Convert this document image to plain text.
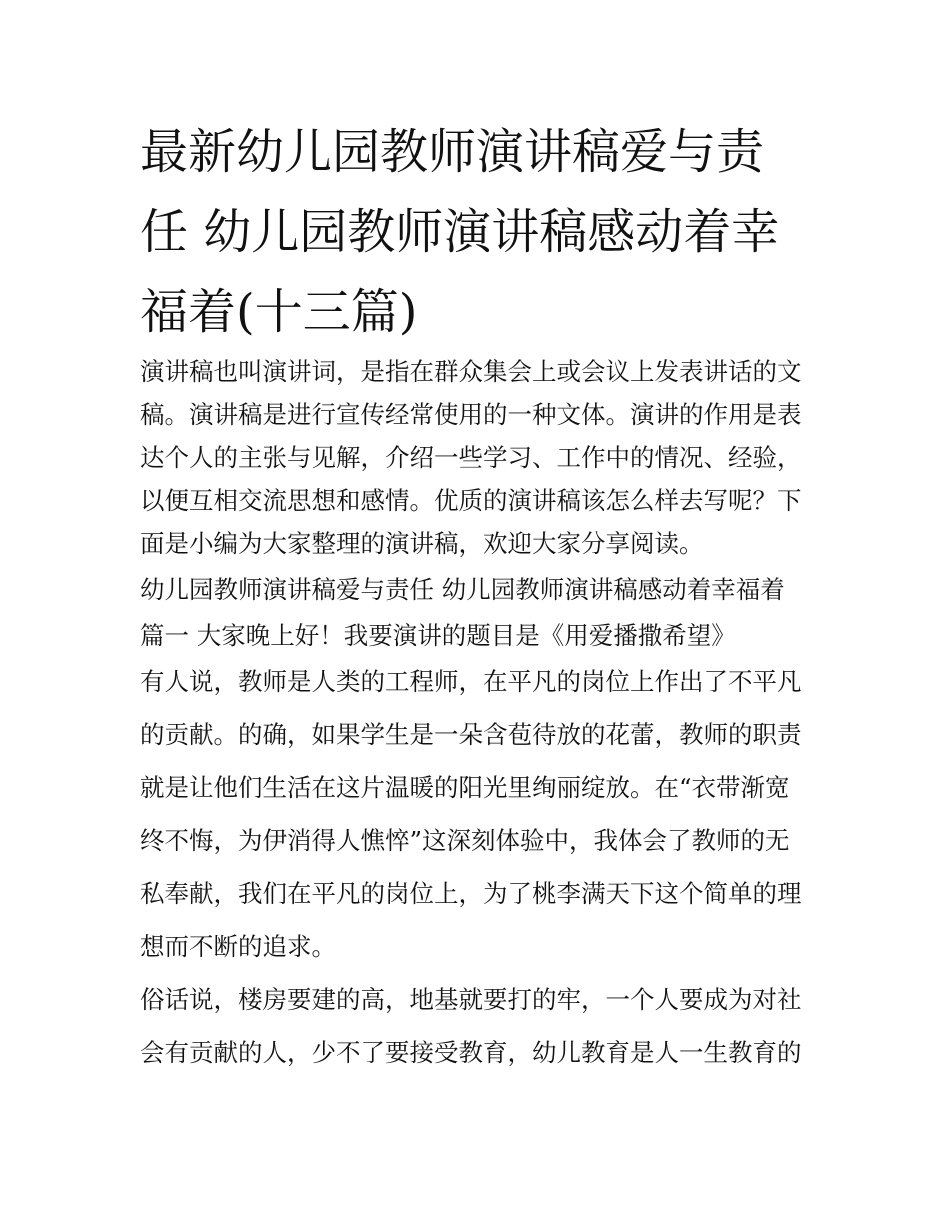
最新幼儿园教师演讲稿爱与责
任 幼儿园教师演讲稿感动着幸
福着(十三篇)
演讲稿也叫演讲词，是指在群众集会上或会议上发表讲话的文
稿。演讲稿是进行宣传经常使用的一种文体。演讲的作用是表
达个人的主张与见解，介绍一些学习、工作中的情况、经验，
以便互相交流思想和感情。优质的演讲稿该怎么样去写呢？下
面是小编为大家整理的演讲稿，欢迎大家分享阅读。
幼儿园教师演讲稿爱与责任 幼儿园教师演讲稿感动着幸福着
篇一 大家晚上好！我要演讲的题目是《用爱播撒希望》
有人说，教师是人类的工程师，在平凡的岗位上作出了不平凡
的贡献。的确，如果学生是一朵含苞待放的花蕾，教师的职责
就是让他们生活在这片温暖的阳光里绚丽绽放。在“衣带渐宽
终不悔，为伊消得人憔悴”这深刻体验中，我体会了教师的无
私奉献，我们在平凡的岗位上，为了桃李满天下这个简单的理
想而不断的追求。
俗话说，楼房要建的高，地基就要打的牢，一个人要成为对社
会有贡献的人，少不了要接受教育，幼儿教育是人一生教育的
